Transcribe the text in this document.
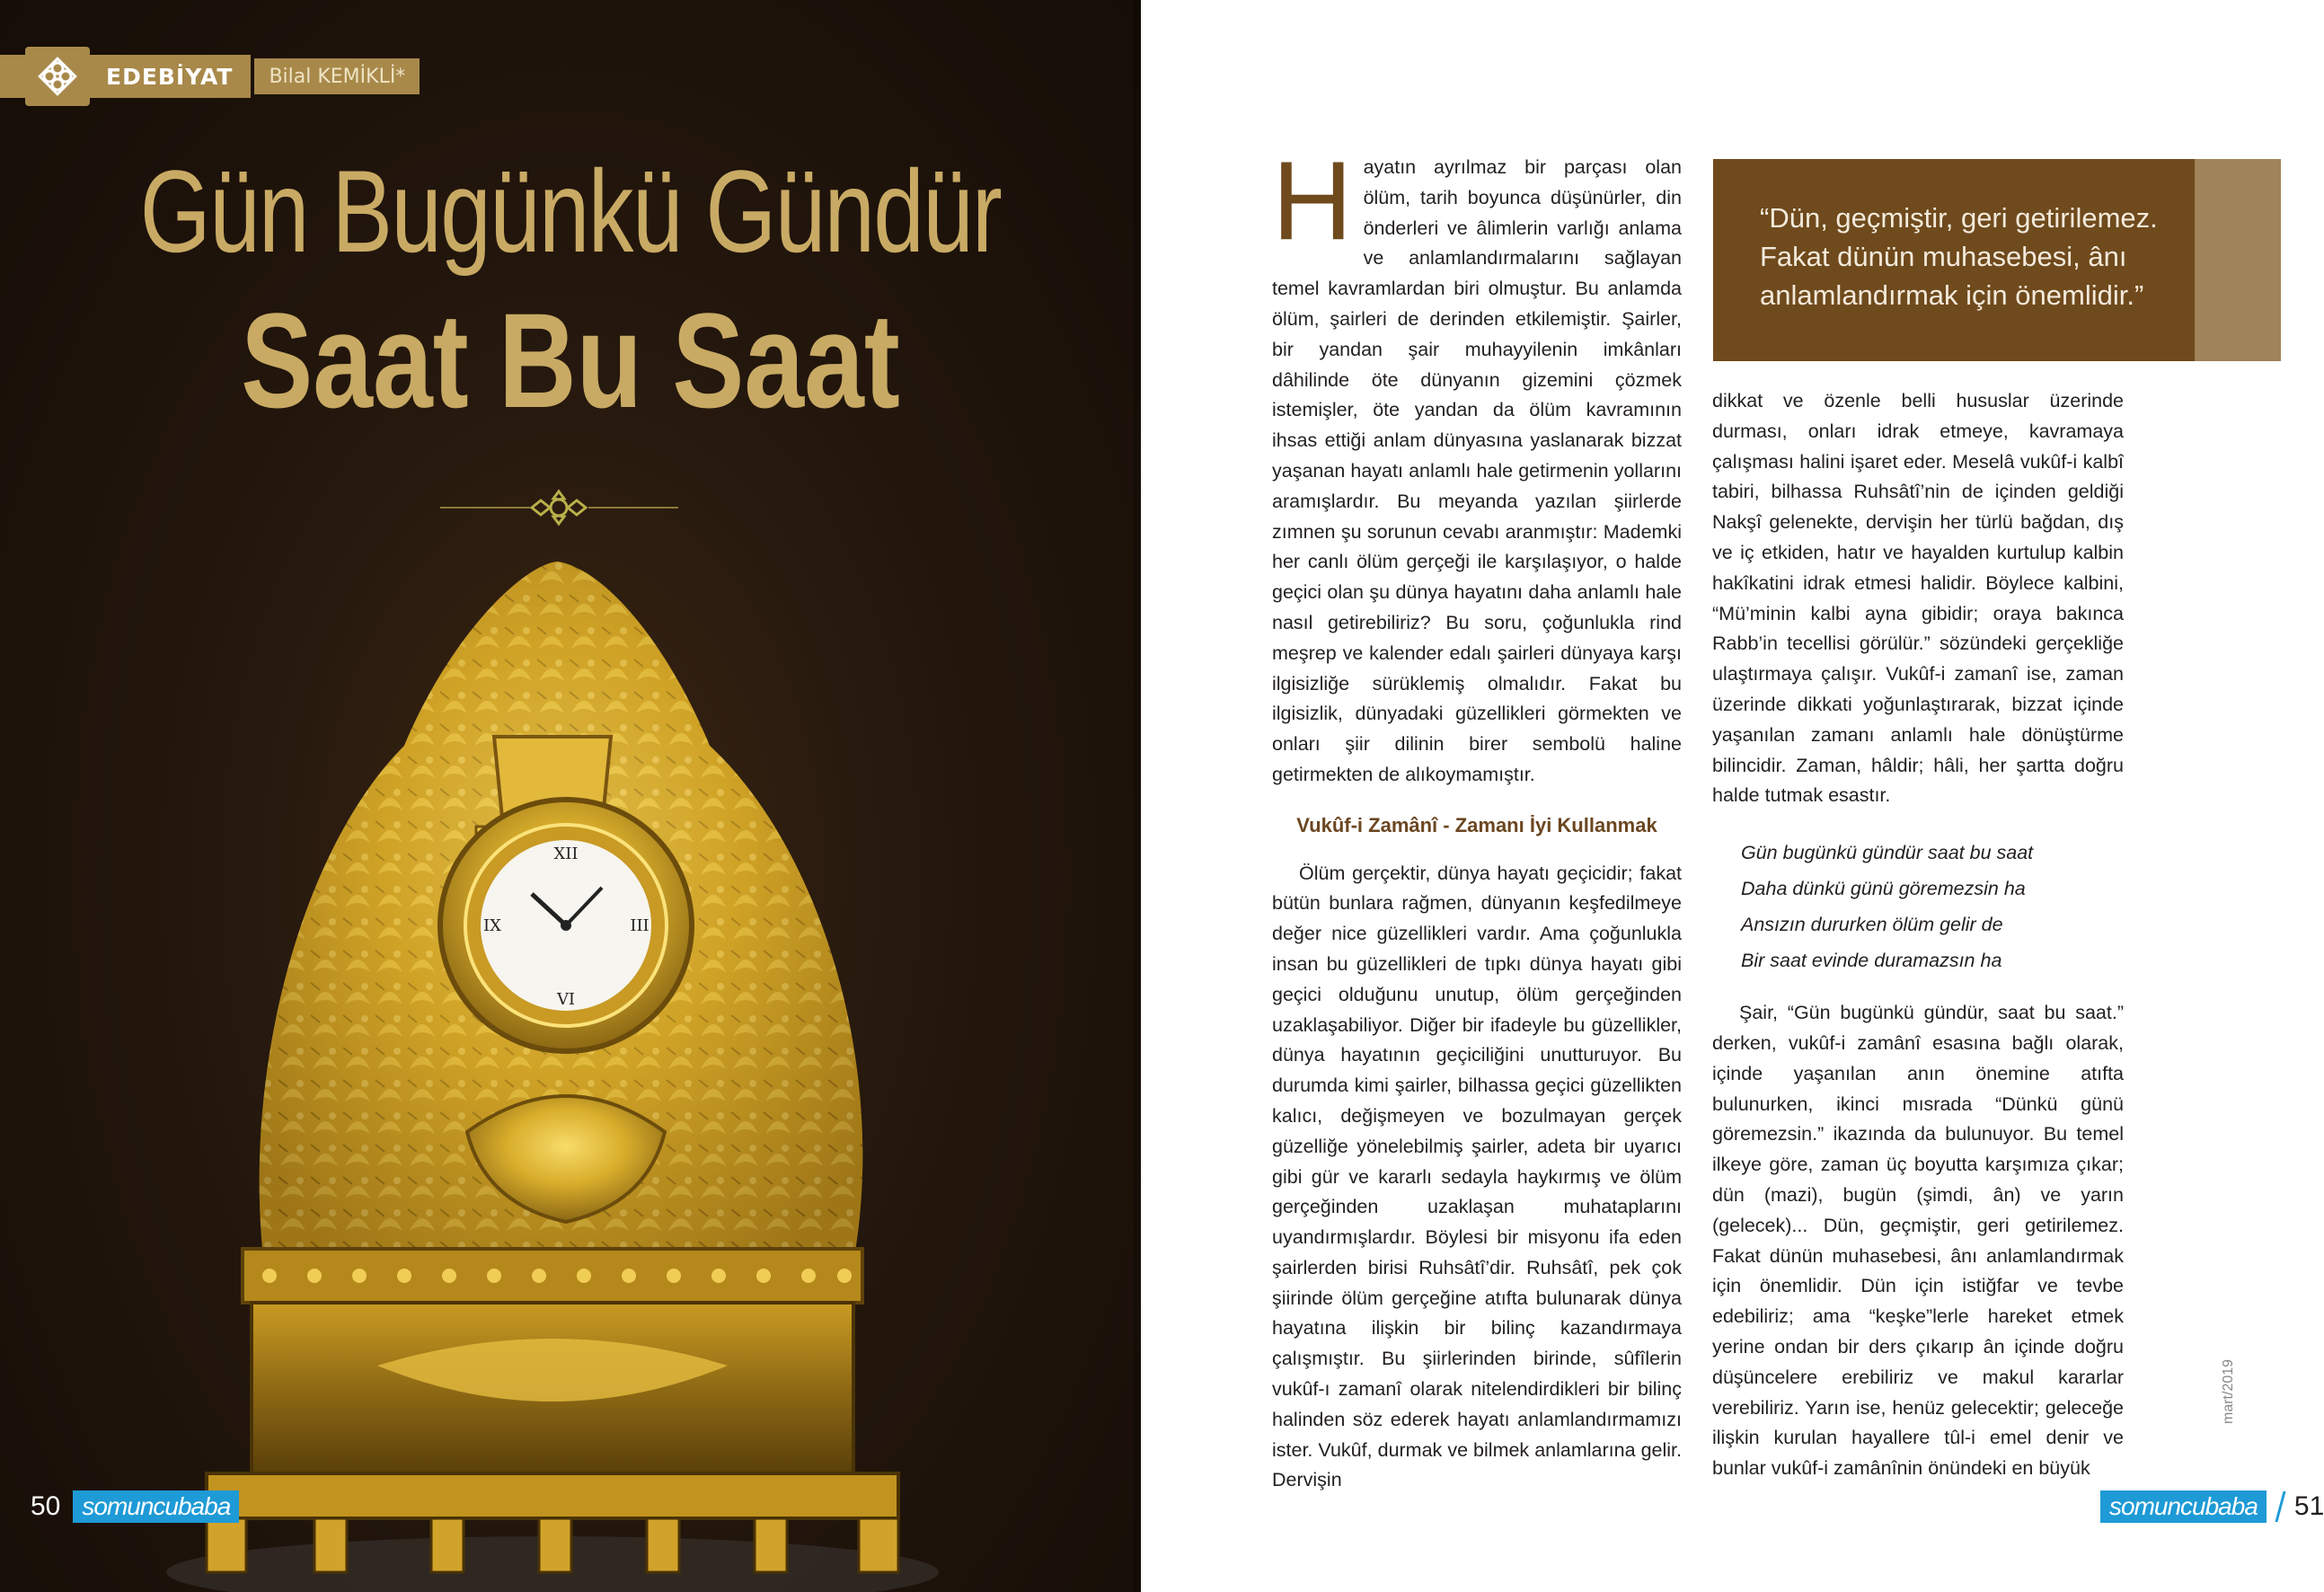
EDEBİYAT	Bilal KEMİKLİ*
Gün Bugünkü Gündür
Saat Bu Saat
XII
VI
IX	III
50 somuncubaba
H ayatın ayrılmaz bir parçası olan ölüm, tarih boyunca düşünürler, din önderleri ve âlimlerin varlığı anlama ve anlamlandırmalarını sağlayan temel kavramlardan biri olmuştur. Bu anlamda ölüm, şairleri de derinden etkilemiştir. Şairler, bir yandan şair muhayyilenin imkânları dâhilinde öte dünyanın gizemini çözmek istemişler, öte yandan da ölüm kavramının ihsas ettiği anlam dünyasına yaslanarak bizzat yaşanan hayatı anlamlı hale getirmenin yollarını aramışlardır. Bu meyanda yazılan şiirlerde zımnen şu sorunun cevabı aranmıştır: Mademki her canlı ölüm gerçeği ile karşılaşıyor, o halde geçici olan şu dünya hayatını daha anlamlı hale nasıl getirebiliriz? Bu soru, çoğunlukla rind meşrep ve kalender edalı şairleri dünyaya karşı ilgisizliğe sürüklemiş olmalıdır. Fakat bu ilgisizlik, dünyadaki güzellikleri görmekten ve onları şiir dilinin birer sembolü haline getirmekten de alıkoymamıştır.

Vukûf-i Zamânî - Zamanı İyi Kullanmak

Ölüm gerçektir, dünya hayatı geçicidir; fakat bütün bunlara rağmen, dünyanın keşfedilmeye değer nice güzellikleri vardır. Ama çoğunlukla insan bu güzellikleri de tıpkı dünya hayatı gibi geçici olduğunu unutup, ölüm gerçeğinden uzaklaşabiliyor. Diğer bir ifadeyle bu güzellikler, dünya hayatının geçiciliğini unutturuyor. Bu durumda kimi şairler, bilhassa geçici güzellikten kalıcı, değişmeyen ve bozulmayan gerçek güzelliğe yönelebilmiş şairler, adeta bir uyarıcı gibi gür ve kararlı sedayla haykırmış ve ölüm gerçeğinden uzaklaşan muhataplarını uyandırmışlardır. Böylesi bir misyonu ifa eden şairlerden birisi Ruhsâtî’dir. Ruhsâtî, pek çok şiirinde ölüm gerçeğine atıfta bulunarak dünya hayatına ilişkin bir bilinç kazandırmaya çalışmıştır. Bu şiirlerinden birinde, sûfîlerin vukûf-ı zamanî olarak nitelendirdikleri bir bilinç halinden söz ederek hayatı anlamlandırmamızı ister. Vukûf, durmak ve bilmek anlamlarına gelir. Dervişin

“Dün, geçmiştir, geri getirilemez. Fakat dünün muhasebesi, ânı anlamlandırmak için önemlidir.”

dikkat ve özenle belli hususlar üzerinde durması, onları idrak etmeye, kavramaya çalışması halini işaret eder. Meselâ vukûf-i kalbî tabiri, bilhassa Ruhsâtî’nin de içinden geldiği Nakşî gelenekte, dervişin her türlü bağdan, dış ve iç etkiden, hatır ve hayalden kurtulup kalbin hakîkatini idrak etmesi halidir. Böylece kalbini, “Mü’minin kalbi ayna gibidir; oraya bakınca Rabb’in tecellisi görülür.” sözündeki gerçekliğe ulaştırmaya çalışır. Vukûf-i zamanî ise, zaman üzerinde dikkati yoğunlaştırarak, bizzat içinde yaşanılan zamanı anlamlı hale dönüştürme bilincidir. Zaman, hâldir; hâli, her şartta doğru halde tutmak esastır.

Gün bugünkü gündür saat bu saat
Daha dünkü günü göremezsin ha
Ansızın dururken ölüm gelir de
Bir saat evinde duramazsın ha

Şair, “Gün bugünkü gündür, saat bu saat.” derken, vukûf-i zamânî esasına bağlı olarak, içinde yaşanılan anın önemine atıfta bulunurken, ikinci mısrada “Dünkü günü göremezsin.” ikazında da bulunuyor. Bu temel ilkeye göre, zaman üç boyutta karşımıza çıkar; dün (mazi), bugün (şimdi, ân) ve yarın (gelecek)... Dün, geçmiştir, geri getirilemez. Fakat dünün muhasebesi, ânı anlamlandırmak için önemlidir. Dün için istiğfar ve tevbe edebiliriz; ama “keşke”lerle hareket etmek yerine ondan bir ders çıkarıp ân içinde doğru düşüncelere erebiliriz ve makul kararlar verebiliriz. Yarın ise, henüz gelecektir; geleceğe ilişkin kurulan hayallere tûl-i emel denir ve bunlar vukûf-i zamânînin önündeki en büyük

mart/2019
somuncubaba	51
